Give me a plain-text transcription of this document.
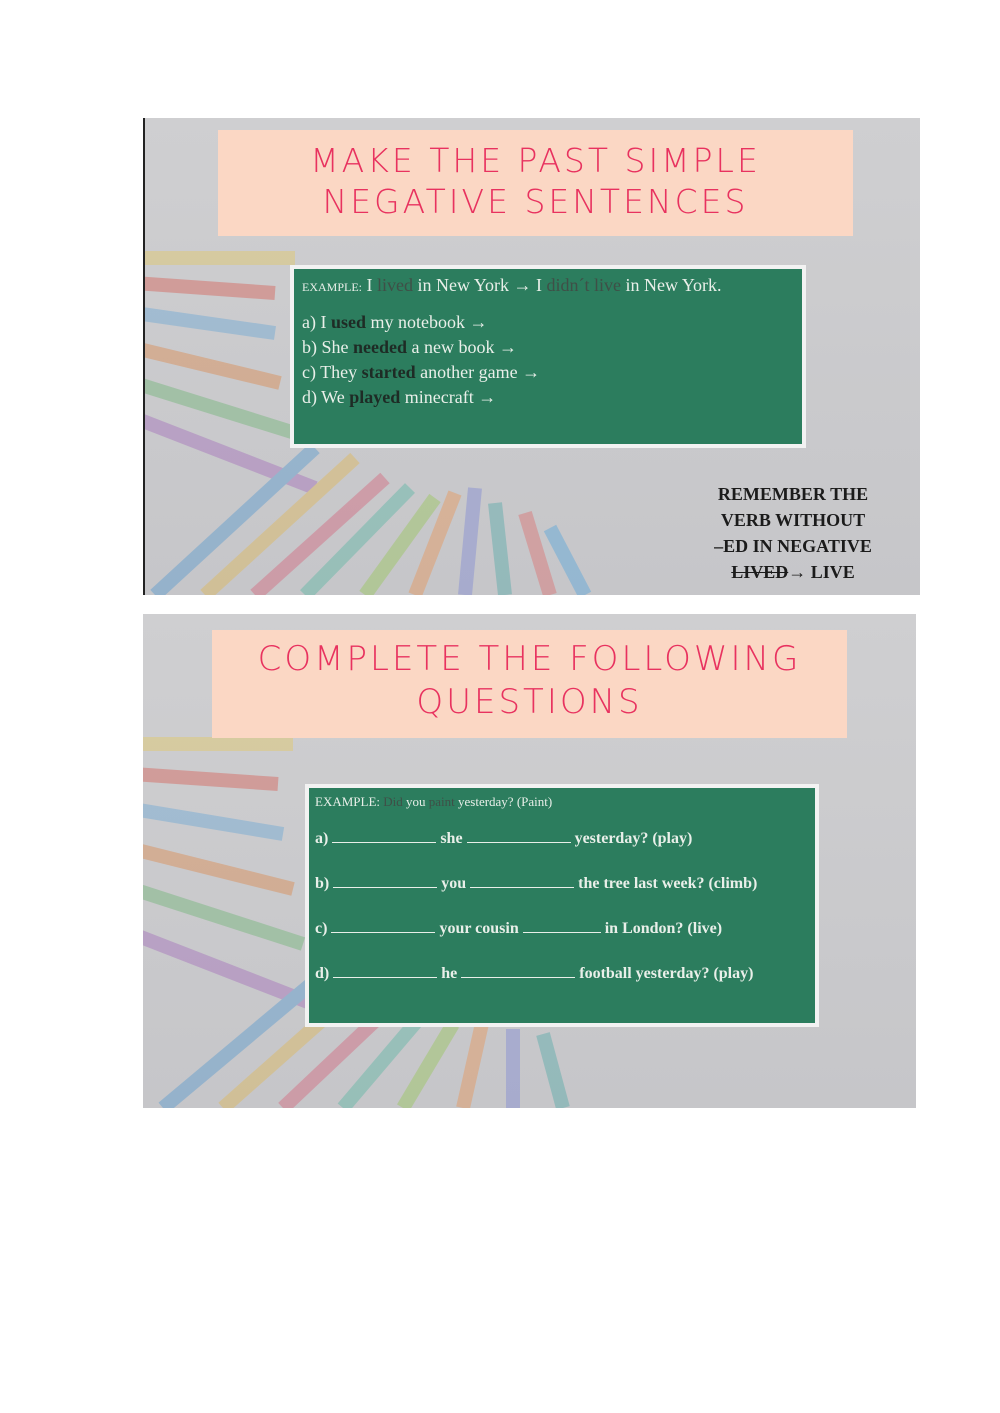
MAKE THE PAST SIMPLE
NEGATIVE SENTENCES
EXAMPLE: I lived in New York → I didn´t live in New York.
a) I used my notebook →
b) She needed a new book →
c) They started another game →
d) We played minecraft →
REMEMBER THE
VERB WITHOUT
–ED IN NEGATIVE
LIVED→ LIVE
COMPLETE THE FOLLOWING
QUESTIONS
EXAMPLE: Did you paint yesterday? (Paint)
a)	she	yesterday? (play)
b)	you	the tree last week? (climb)
c)	your cousin	in London? (live)
d)	he	football yesterday? (play)
